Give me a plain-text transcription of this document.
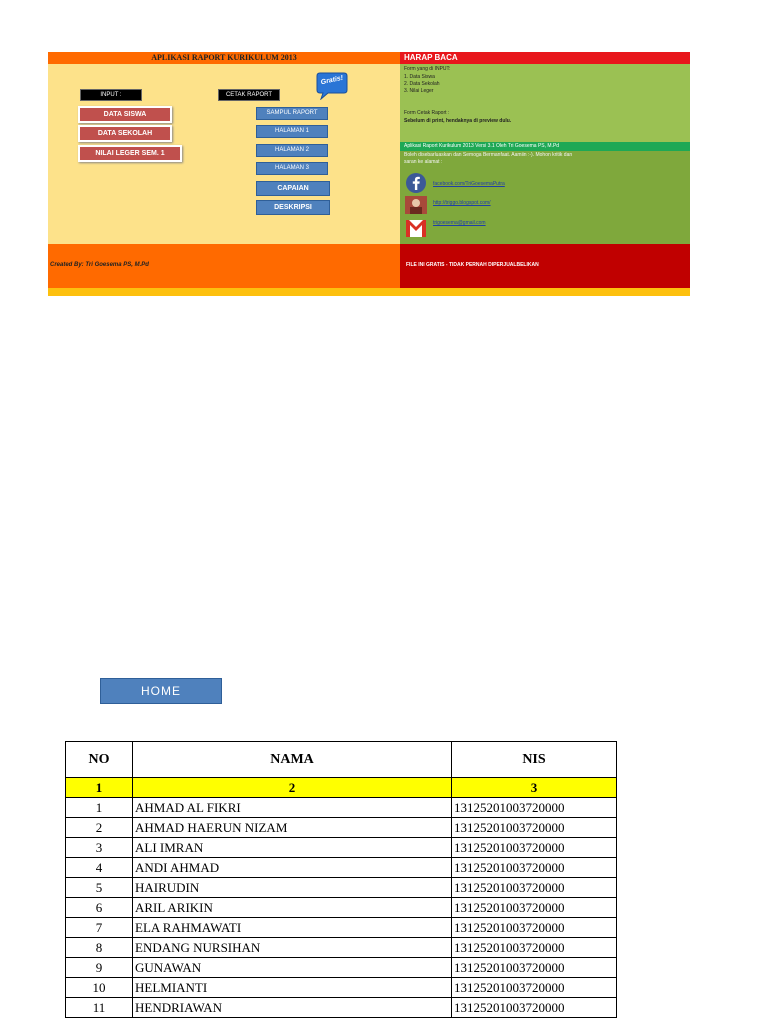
APLIKASI RAPORT KURIKULUM 2013
INPUT :	CETAK RAPORT
Gratis!
DATA SISWA
DATA SEKOLAH
NILAI LEGER SEM. 1
SAMPUL RAPORT
HALAMAN 1
HALAMAN 2
HALAMAN 3
CAPAIAN
DESKRIPSI
Created By: Tri Goesema PS, M.Pd
HARAP BACA
Form yang di INPUT:
1. Data Siswa
2. Data Sekolah
3. Nilai Leger
Form Cetak Raport :
Sebelum di print, hendaknya di preview dulu.
Aplikasi Raport Kurikulum 2013 Versi 3.1 Oleh Tri Goesema PS, M.Pd
Boleh disebarluaskan dan Semoga Bermanfaat. Aamiin :-). Mohon kritik dan
saran ke alamat :
facebook.com/TriGoesemaPutra
http://triggo.blogspot.com/
trigoesema@gmail.com
FILE INI GRATIS - TIDAK PERNAH DIPERJUALBELIKAN
HOME
NO	NAMA	NIS
1	2	3
1	AHMAD AL FIKRI	13125201003720000
2	AHMAD HAERUN NIZAM	13125201003720000
3	ALI IMRAN	13125201003720000
4	ANDI AHMAD	13125201003720000
5	HAIRUDIN	13125201003720000
6	ARIL ARIKIN	13125201003720000
7	ELA RAHMAWATI	13125201003720000
8	ENDANG NURSIHAN	13125201003720000
9	GUNAWAN	13125201003720000
10	HELMIANTI	13125201003720000
11	HENDRIAWAN	13125201003720000
